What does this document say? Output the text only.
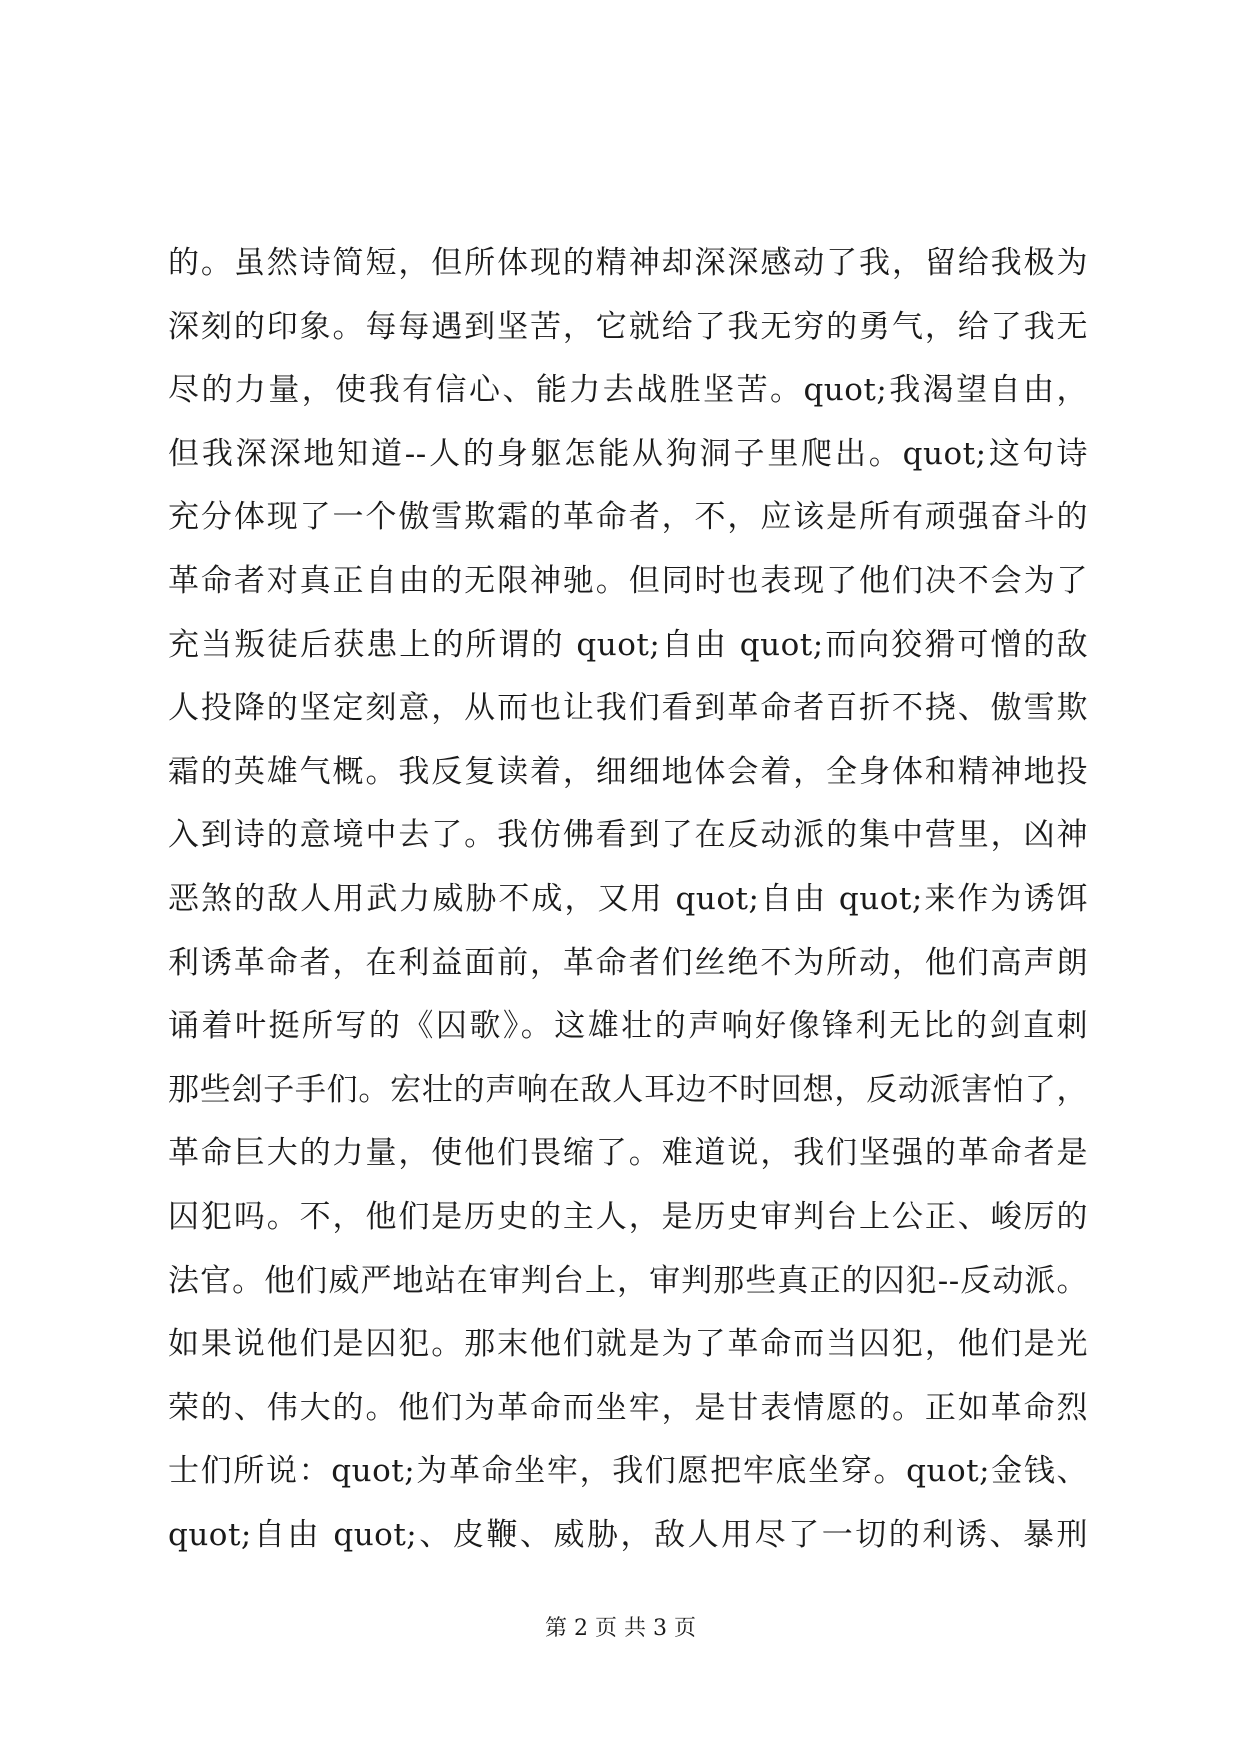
的。虽然诗简短，但所体现的精神却深深感动了我，留给我极为
深刻的印象。每每遇到坚苦，它就给了我无穷的勇气，给了我无
尽的力量，使我有信心、能力去战胜坚苦。quot;我渴望自由，
但我深深地知道--人的身躯怎能从狗洞子里爬出。quot;这句诗
充分体现了一个傲雪欺霜的革命者，不，应该是所有顽强奋斗的
革命者对真正自由的无限神驰。但同时也表现了他们决不会为了
充当叛徒后获患上的所谓的 quot;自由 quot;而向狡猾可憎的敌
人投降的坚定刻意，从而也让我们看到革命者百折不挠、傲雪欺
霜的英雄气概。我反复读着，细细地体会着，全身体和精神地投
入到诗的意境中去了。我仿佛看到了在反动派的集中营里，凶神
恶煞的敌人用武力威胁不成，又用 quot;自由 quot;来作为诱饵
利诱革命者，在利益面前，革命者们丝绝不为所动，他们高声朗
诵着叶挺所写的《囚歌》。这雄壮的声响好像锋利无比的剑直刺
那些刽子手们。宏壮的声响在敌人耳边不时回想，反动派害怕了，
革命巨大的力量，使他们畏缩了。难道说，我们坚强的革命者是
囚犯吗。不，他们是历史的主人，是历史审判台上公正、峻厉的
法官。他们威严地站在审判台上，审判那些真正的囚犯--反动派。
如果说他们是囚犯。那末他们就是为了革命而当囚犯，他们是光
荣的、伟大的。他们为革命而坐牢，是甘表情愿的。正如革命烈
士们所说：quot;为革命坐牢，我们愿把牢底坐穿。quot;金钱、
quot;自由 quot;、皮鞭、威胁，敌人用尽了一切的利诱、暴刑
第 2 页 共 3 页
